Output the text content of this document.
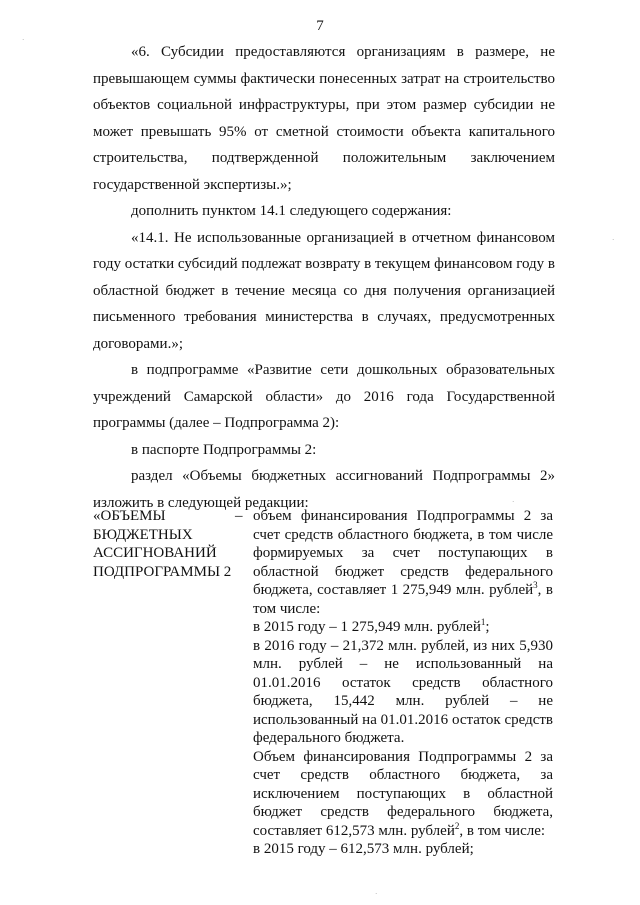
7
«6. Субсидии предоставляются организациям в размере, не превышающем суммы фактически понесенных затрат на строительство объектов социальной инфраструктуры, при этом размер субсидии не может превышать 95% от сметной стоимости объекта капитального строительства, подтвержденной положительным заключением государственной экспертизы.»;
дополнить пунктом 14.1 следующего содержания:
«14.1. Не использованные организацией в отчетном финансовом году остатки субсидий подлежат возврату в текущем финансовом году в областной бюджет в течение месяца со дня получения организацией письменного требования министерства в случаях, предусмотренных договорами.»;
в подпрограмме «Развитие сети дошкольных образовательных учреждений Самарской области» до 2016 года Государственной программы (далее – Подпрограмма 2):
в паспорте Подпрограммы 2:
раздел «Объемы бюджетных ассигнований Подпрограммы 2» изложить в следующей редакции:
«ОБЪЕМЫ БЮДЖЕТНЫХ АССИГНОВАНИЙ ПОДПРОГРАММЫ 2
– объем финансирования Подпрограммы 2 за счет средств областного бюджета, в том числе формируемых за счет поступающих в областной бюджет средств федерального бюджета, составляет 1 275,949 млн. рублей$^3$, в том числе:
в 2015 году – 1 275,949 млн. рублей$^1$;
в 2016 году – 21,372 млн. рублей, из них 5,930 млн. рублей – не использованный на 01.01.2016 остаток средств областного бюджета, 15,442 млн. рублей – не использованный на 01.01.2016 остаток средств федерального бюджета.
Объем финансирования Подпрограммы 2 за счет средств областного бюджета, за исключением поступающих в областной бюджет средств федерального бюджета, составляет 612,573 млн. рублей$^2$, в том числе:
в 2015 году – 612,573 млн. рублей;
·
·
·
·
